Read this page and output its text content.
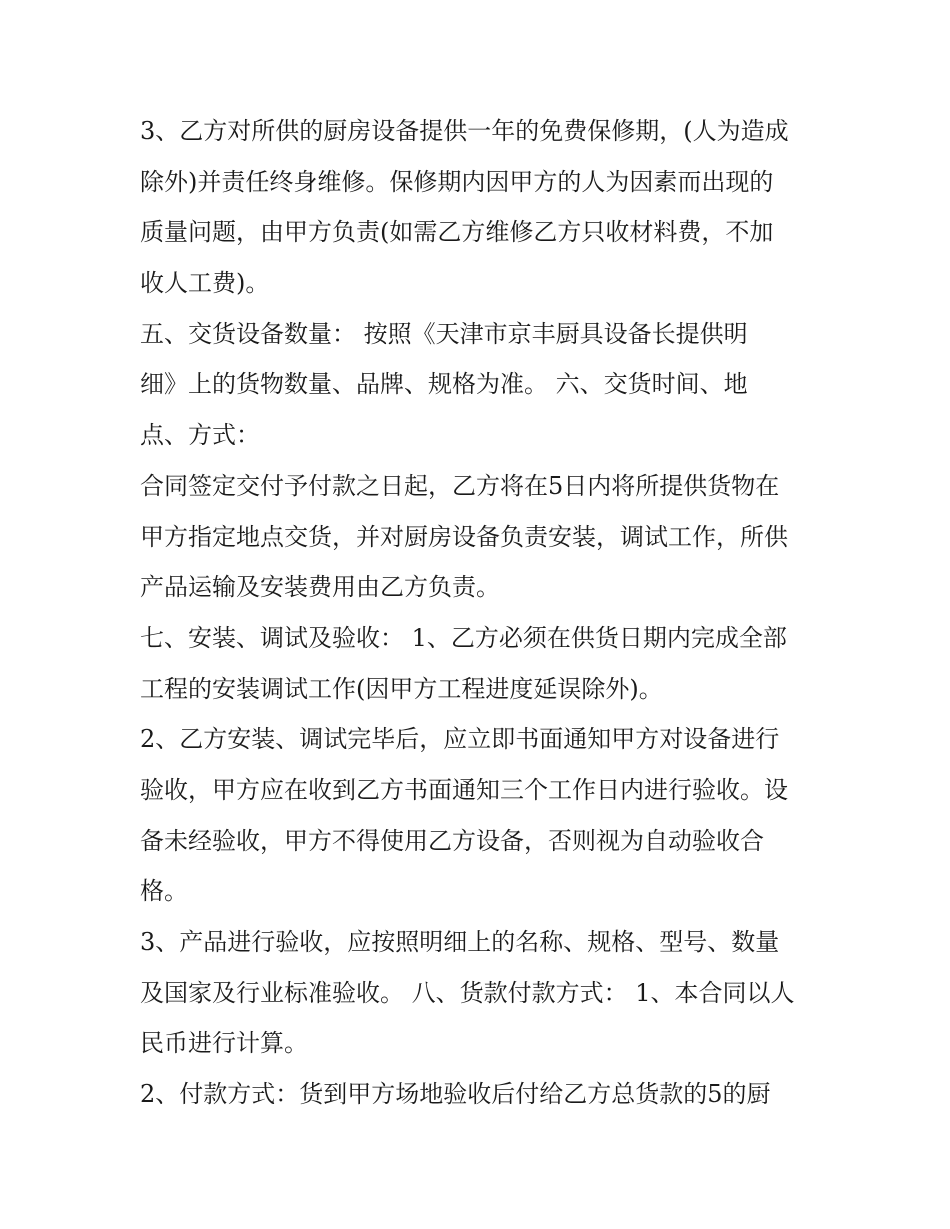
3、乙方对所供的厨房设备提供一年的免费保修期，(人为造成
除外)并责任终身维修。保修期内因甲方的人为因素而出现的
质量问题，由甲方负责(如需乙方维修乙方只收材料费，不加
收人工费)。
五、交货设备数量： 按照《天津市京丰厨具设备长提供明
细》上的货物数量、品牌、规格为准。 六、交货时间、地
点、方式：
合同签定交付予付款之日起，乙方将在5日内将所提供货物在
甲方指定地点交货，并对厨房设备负责安装，调试工作，所供
产品运输及安装费用由乙方负责。
七、安装、调试及验收： 1、乙方必须在供货日期内完成全部
工程的安装调试工作(因甲方工程进度延误除外)。
2、乙方安装、调试完毕后，应立即书面通知甲方对设备进行
验收，甲方应在收到乙方书面通知三个工作日内进行验收。设
备未经验收，甲方不得使用乙方设备，否则视为自动验收合
格。
3、产品进行验收，应按照明细上的名称、规格、型号、数量
及国家及行业标准验收。 八、货款付款方式： 1、本合同以人
民币进行计算。
2、付款方式：货到甲方场地验收后付给乙方总货款的5的厨
